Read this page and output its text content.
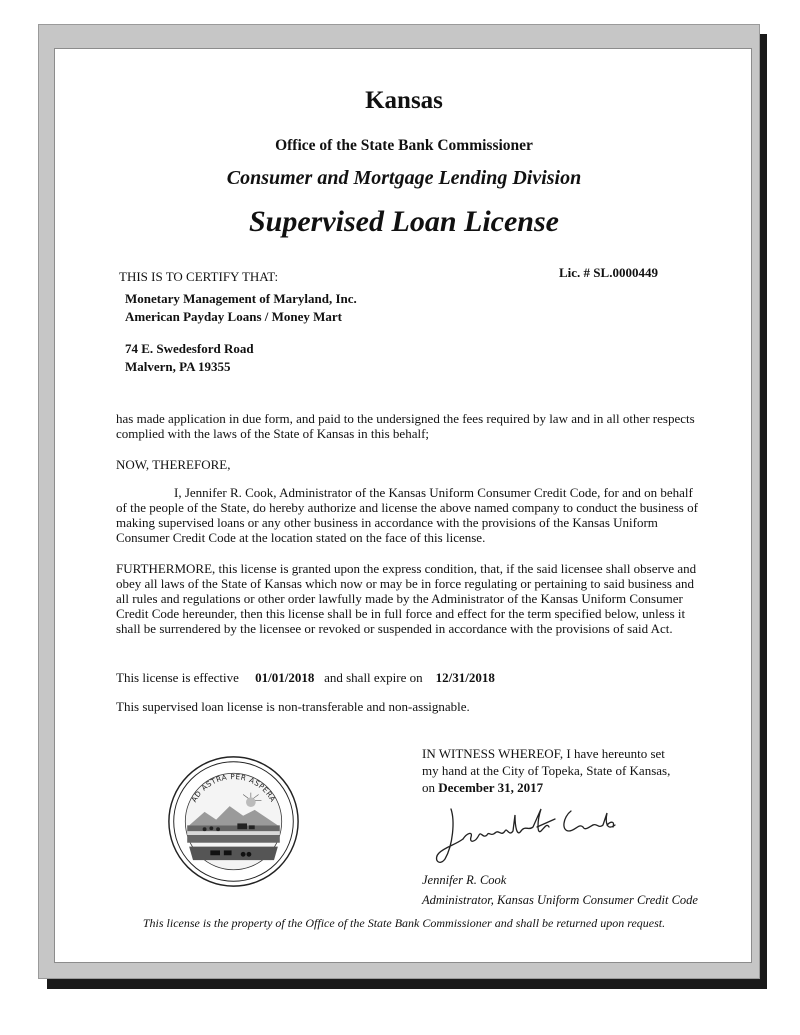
Kansas
Office of the State Bank Commissioner
Consumer and Mortgage Lending Division
Supervised Loan License
THIS IS TO CERTIFY THAT:	Lic. # SL.0000449
Monetary Management of Maryland, Inc.
American Payday Loans / Money Mart
74 E. Swedesford Road
Malvern, PA 19355
has made application in due form, and paid to the undersigned the fees required by law and in all other respects complied with the laws of the State of Kansas in this behalf;
NOW, THEREFORE,
I, Jennifer R. Cook, Administrator of the Kansas Uniform Consumer Credit Code, for and on behalf of the people of the State, do hereby authorize and license the above named company to conduct the business of making supervised loans or any other business in accordance with the provisions of the Kansas Uniform Consumer Credit Code at the location stated on the face of this license.
FURTHERMORE, this license is granted upon the express condition, that, if the said licensee shall observe and obey all laws of the State of Kansas which now or may be in force regulating or pertaining to said business and all rules and regulations or other order lawfully made by the Administrator of the Kansas Uniform Consumer Credit Code hereunder, then this license shall be in full force and effect for the term specified below, unless it shall be surrendered by the licensee or revoked or suspended in accordance with the provisions of said Act.
This license is effective 01/01/2018 and shall expire on 12/31/2018
This supervised loan license is non-transferable and non-assignable.
IN WITNESS WHEREOF, I have hereunto set
my hand at the City of Topeka, State of Kansas,
on December 31, 2017
AD ASTRA PER ASPERA
Jennifer R. Cook
Administrator, Kansas Uniform Consumer Credit Code
This license is the property of the Office of the State Bank Commissioner and shall be returned upon request.
